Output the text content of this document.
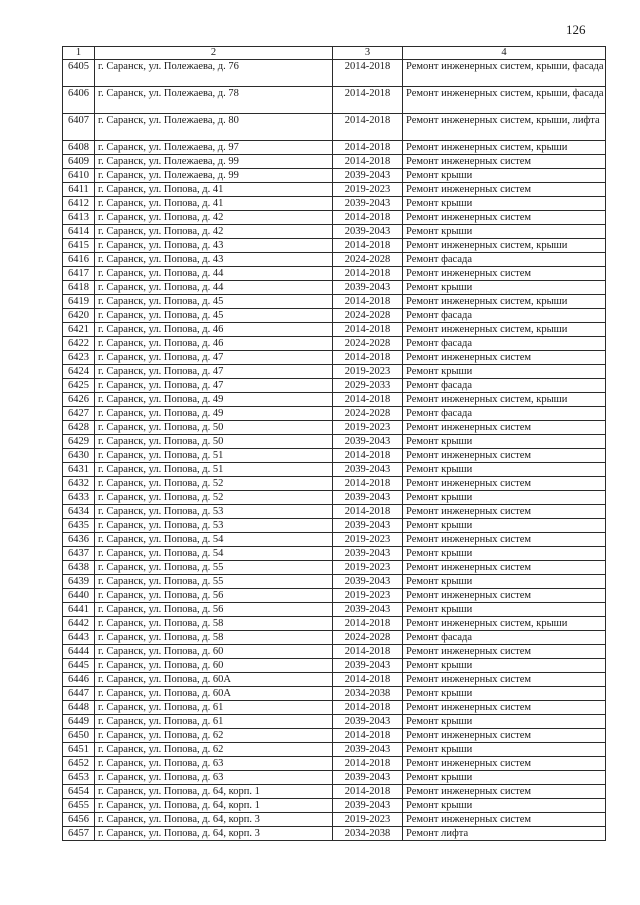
126
1	2	3	4
6405	г. Саранск, ул. Полежаева, д. 76	2014-2018	Ремонт инженерных систем, крыши, фасада
6406	г. Саранск, ул. Полежаева, д. 78	2014-2018	Ремонт инженерных систем, крыши, фасада
6407	г. Саранск, ул. Полежаева, д. 80	2014-2018	Ремонт инженерных систем, крыши, лифта
6408	г. Саранск, ул. Полежаева, д. 97	2014-2018	Ремонт инженерных систем, крыши
6409	г. Саранск, ул. Полежаева, д. 99	2014-2018	Ремонт инженерных систем
6410	г. Саранск, ул. Полежаева, д. 99	2039-2043	Ремонт крыши
6411	г. Саранск, ул. Попова, д. 41	2019-2023	Ремонт инженерных систем
6412	г. Саранск, ул. Попова, д. 41	2039-2043	Ремонт крыши
6413	г. Саранск, ул. Попова, д. 42	2014-2018	Ремонт инженерных систем
6414	г. Саранск, ул. Попова, д. 42	2039-2043	Ремонт крыши
6415	г. Саранск, ул. Попова, д. 43	2014-2018	Ремонт инженерных систем, крыши
6416	г. Саранск, ул. Попова, д. 43	2024-2028	Ремонт фасада
6417	г. Саранск, ул. Попова, д. 44	2014-2018	Ремонт инженерных систем
6418	г. Саранск, ул. Попова, д. 44	2039-2043	Ремонт крыши
6419	г. Саранск, ул. Попова, д. 45	2014-2018	Ремонт инженерных систем, крыши
6420	г. Саранск, ул. Попова, д. 45	2024-2028	Ремонт фасада
6421	г. Саранск, ул. Попова, д. 46	2014-2018	Ремонт инженерных систем, крыши
6422	г. Саранск, ул. Попова, д. 46	2024-2028	Ремонт фасада
6423	г. Саранск, ул. Попова, д. 47	2014-2018	Ремонт инженерных систем
6424	г. Саранск, ул. Попова, д. 47	2019-2023	Ремонт крыши
6425	г. Саранск, ул. Попова, д. 47	2029-2033	Ремонт фасада
6426	г. Саранск, ул. Попова, д. 49	2014-2018	Ремонт инженерных систем, крыши
6427	г. Саранск, ул. Попова, д. 49	2024-2028	Ремонт фасада
6428	г. Саранск, ул. Попова, д. 50	2019-2023	Ремонт инженерных систем
6429	г. Саранск, ул. Попова, д. 50	2039-2043	Ремонт крыши
6430	г. Саранск, ул. Попова, д. 51	2014-2018	Ремонт инженерных систем
6431	г. Саранск, ул. Попова, д. 51	2039-2043	Ремонт крыши
6432	г. Саранск, ул. Попова, д. 52	2014-2018	Ремонт инженерных систем
6433	г. Саранск, ул. Попова, д. 52	2039-2043	Ремонт крыши
6434	г. Саранск, ул. Попова, д. 53	2014-2018	Ремонт инженерных систем
6435	г. Саранск, ул. Попова, д. 53	2039-2043	Ремонт крыши
6436	г. Саранск, ул. Попова, д. 54	2019-2023	Ремонт инженерных систем
6437	г. Саранск, ул. Попова, д. 54	2039-2043	Ремонт крыши
6438	г. Саранск, ул. Попова, д. 55	2019-2023	Ремонт инженерных систем
6439	г. Саранск, ул. Попова, д. 55	2039-2043	Ремонт крыши
6440	г. Саранск, ул. Попова, д. 56	2019-2023	Ремонт инженерных систем
6441	г. Саранск, ул. Попова, д. 56	2039-2043	Ремонт крыши
6442	г. Саранск, ул. Попова, д. 58	2014-2018	Ремонт инженерных систем, крыши
6443	г. Саранск, ул. Попова, д. 58	2024-2028	Ремонт фасада
6444	г. Саранск, ул. Попова, д. 60	2014-2018	Ремонт инженерных систем
6445	г. Саранск, ул. Попова, д. 60	2039-2043	Ремонт крыши
6446	г. Саранск, ул. Попова, д. 60А	2014-2018	Ремонт инженерных систем
6447	г. Саранск, ул. Попова, д. 60А	2034-2038	Ремонт крыши
6448	г. Саранск, ул. Попова, д. 61	2014-2018	Ремонт инженерных систем
6449	г. Саранск, ул. Попова, д. 61	2039-2043	Ремонт крыши
6450	г. Саранск, ул. Попова, д. 62	2014-2018	Ремонт инженерных систем
6451	г. Саранск, ул. Попова, д. 62	2039-2043	Ремонт крыши
6452	г. Саранск, ул. Попова, д. 63	2014-2018	Ремонт инженерных систем
6453	г. Саранск, ул. Попова, д. 63	2039-2043	Ремонт крыши
6454	г. Саранск, ул. Попова, д. 64, корп. 1	2014-2018	Ремонт инженерных систем
6455	г. Саранск, ул. Попова, д. 64, корп. 1	2039-2043	Ремонт крыши
6456	г. Саранск, ул. Попова, д. 64, корп. 3	2019-2023	Ремонт инженерных систем
6457	г. Саранск, ул. Попова, д. 64, корп. 3	2034-2038	Ремонт лифта
